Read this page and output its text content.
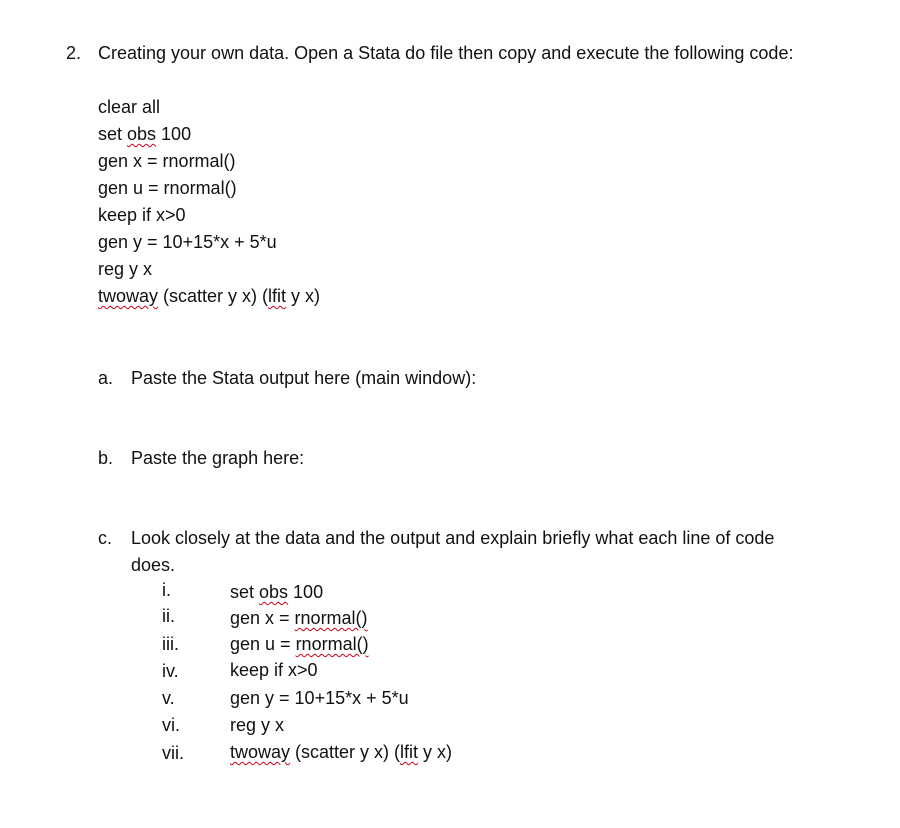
2. Creating your own data. Open a Stata do file then copy and execute the following code:
clear all
set obs 100
gen x = rnormal()
gen u = rnormal()
keep if x>0
gen y = 10+15*x + 5*u
reg y x
twoway (scatter y x) (lfit y x)
a. Paste the Stata output here (main window):
b. Paste the graph here:
c. Look closely at the data and the output and explain briefly what each line of code
does.
i.	set obs 100
ii.	gen x = rnormal()
iii.	gen u = rnormal()
iv.	keep if x>0
v.	gen y = 10+15*x + 5*u
vi.	reg y x
vii.	twoway (scatter y x) (lfit y x)
